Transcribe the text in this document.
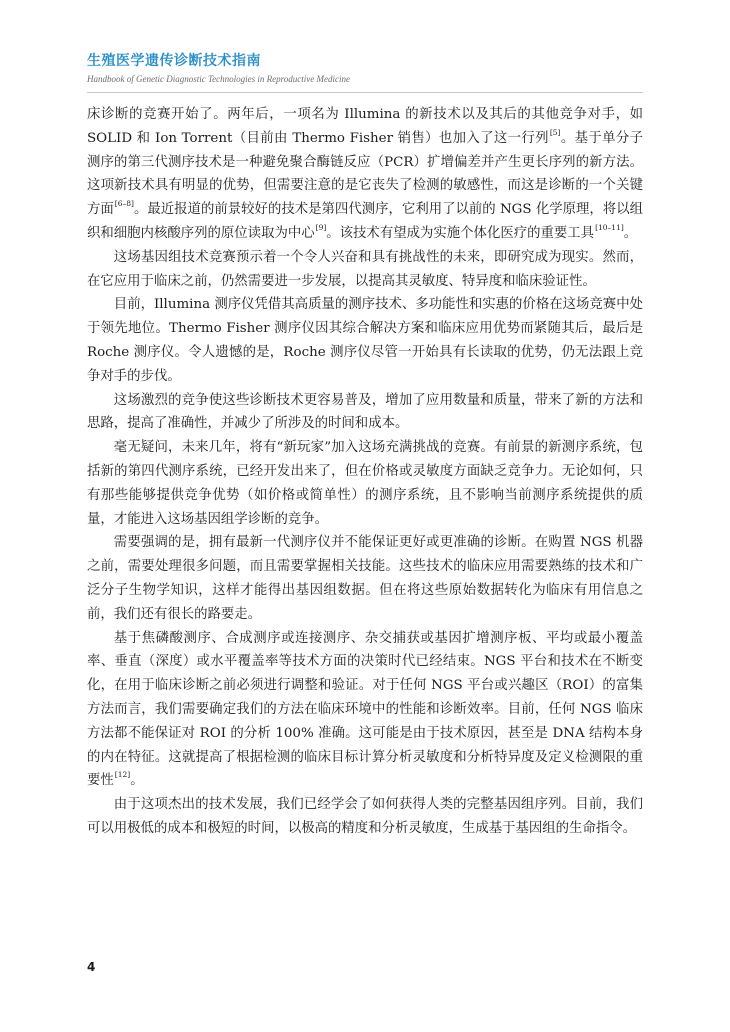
生殖医学遗传诊断技术指南
Handbook of Genetic Diagnostic Technologies in Reproductive Medicine

床诊断的竞赛开始了。两年后，一项名为 Illumina 的新技术以及其后的其他竞争对手，如 SOLID 和 Ion Torrent（目前由 Thermo Fisher 销售）也加入了这一行列[5]。基于单分子测序的第三代测序技术是一种避免聚合酶链反应（PCR）扩增偏差并产生更长序列的新方法。这项新技术具有明显的优势，但需要注意的是它丧失了检测的敏感性，而这是诊断的一个关键方面[6–8]。最近报道的前景较好的技术是第四代测序，它利用了以前的 NGS 化学原理，将以组织和细胞内核酸序列的原位读取为中心[9]。该技术有望成为实施个体化医疗的重要工具[10–11]。

这场基因组技术竞赛预示着一个令人兴奋和具有挑战性的未来，即研究成为现实。然而，在它应用于临床之前，仍然需要进一步发展，以提高其灵敏度、特异度和临床验证性。

目前，Illumina 测序仪凭借其高质量的测序技术、多功能性和实惠的价格在这场竞赛中处于领先地位。Thermo Fisher 测序仪因其综合解决方案和临床应用优势而紧随其后，最后是 Roche 测序仪。令人遗憾的是，Roche 测序仪尽管一开始具有长读取的优势，仍无法跟上竞争对手的步伐。

这场激烈的竞争使这些诊断技术更容易普及，增加了应用数量和质量，带来了新的方法和思路，提高了准确性，并减少了所涉及的时间和成本。

毫无疑问，未来几年，将有“新玩家”加入这场充满挑战的竞赛。有前景的新测序系统，包括新的第四代测序系统，已经开发出来了，但在价格或灵敏度方面缺乏竞争力。无论如何，只有那些能够提供竞争优势（如价格或简单性）的测序系统，且不影响当前测序系统提供的质量，才能进入这场基因组学诊断的竞争。

需要强调的是，拥有最新一代测序仪并不能保证更好或更准确的诊断。在购置 NGS 机器之前，需要处理很多问题，而且需要掌握相关技能。这些技术的临床应用需要熟练的技术和广泛分子生物学知识，这样才能得出基因组数据。但在将这些原始数据转化为临床有用信息之前，我们还有很长的路要走。

基于焦磷酸测序、合成测序或连接测序、杂交捕获或基因扩增测序板、平均或最小覆盖率、垂直（深度）或水平覆盖率等技术方面的决策时代已经结束。NGS 平台和技术在不断变化，在用于临床诊断之前必须进行调整和验证。对于任何 NGS 平台或兴趣区（ROI）的富集方法而言，我们需要确定我们的方法在临床环境中的性能和诊断效率。目前，任何 NGS 临床方法都不能保证对 ROI 的分析 100% 准确。这可能是由于技术原因，甚至是 DNA 结构本身的内在特征。这就提高了根据检测的临床目标计算分析灵敏度和分析特异度及定义检测限的重要性[12]。

由于这项杰出的技术发展，我们已经学会了如何获得人类的完整基因组序列。目前，我们可以用极低的成本和极短的时间，以极高的精度和分析灵敏度，生成基于基因组的生命指令。

4
